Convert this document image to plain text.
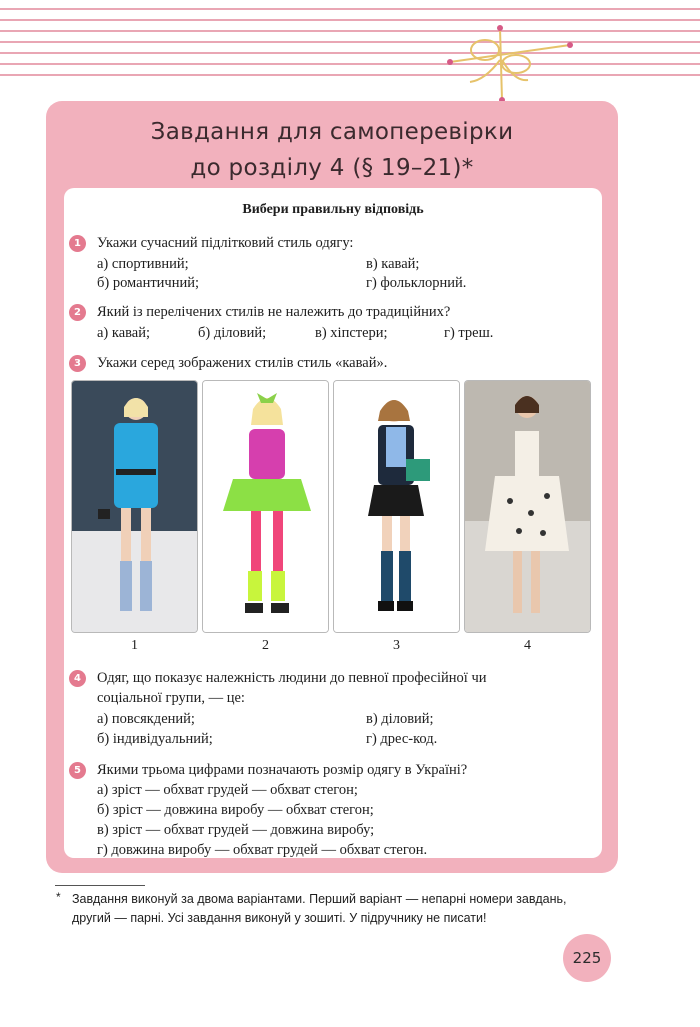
Завдання для самоперевірки
до розділу 4 (§ 19–21)*
Вибери правильну відповідь
1	Укажи сучасний підлітковий стиль одягу:
а) спортивний;
б) романтичний;
в) кавай;
г) фольклорний.
2	Який із перелічених стилів не належить до традиційних?
а) кавай;	б) діловий;	в) хіпстери;	г) треш.
3	Укажи серед зображених стилів стиль «кавай».
1	2	3	4
4	Одяг, що показує належність людини до певної професійної чи
соціальної групи, — це:
а) повсякдений;
б) індивідуальний;
в) діловий;
г) дрес-код.
5	Якими трьома цифрами позначають розмір одягу в Україні?
а) зріст — обхват грудей — обхват стегон;
б) зріст — довжина виробу — обхват стегон;
в) зріст — обхват грудей — довжина виробу;
г) довжина виробу — обхват грудей — обхват стегон.
* Завдання виконуй за двома варіантами. Перший варіант — непарні номери завдань,
другий — парні. Усі завдання виконуй у зошиті. У підручнику не писати!
225
